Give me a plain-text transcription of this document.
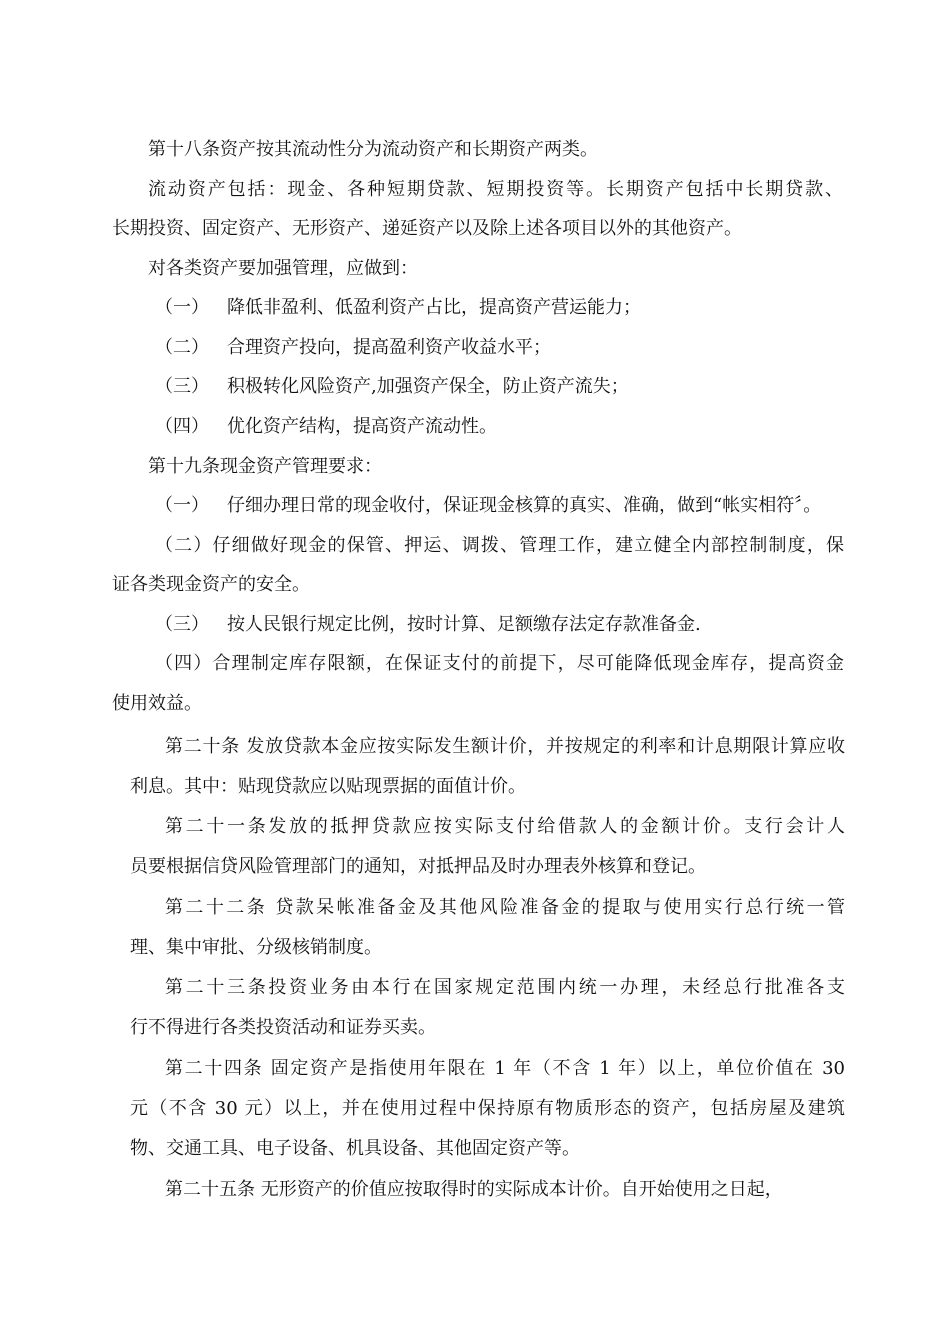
第十八条资产按其流动性分为流动资产和长期资产两类。
流动资产包括：现金、各种短期贷款、短期投资等。长期资产包括中长期贷款、
长期投资、固定资产、无形资产、递延资产以及除上述各项目以外的其他资产。
对各类资产要加强管理，应做到：
（一） 降低非盈利、低盈利资产占比，提高资产营运能力；
（二） 合理资产投向，提高盈利资产收益水平；
（三） 积极转化风险资产,加强资产保全，防止资产流失；
（四） 优化资产结构，提高资产流动性。
第十九条现金资产管理要求：
（一） 仔细办理日常的现金收付，保证现金核算的真实、准确，做到“帐实相符〞。
（二）仔细做好现金的保管、押运、调拨、管理工作，建立健全内部控制制度，保
证各类现金资产的安全。
（三） 按人民银行规定比例，按时计算、足额缴存法定存款准备金.
（四）合理制定库存限额，在保证支付的前提下，尽可能降低现金库存，提高资金
使用效益。
第二十条 发放贷款本金应按实际发生额计价，并按规定的利率和计息期限计算应收
利息。其中：贴现贷款应以贴现票据的面值计价。
第二十一条发放的抵押贷款应按实际支付给借款人的金额计价。支行会计人
员要根据信贷风险管理部门的通知，对抵押品及时办理表外核算和登记。
第二十二条 贷款呆帐准备金及其他风险准备金的提取与使用实行总行统一管
理、集中审批、分级核销制度。
第二十三条投资业务由本行在国家规定范围内统一办理，未经总行批准各支
行不得进行各类投资活动和证券买卖。
第二十四条 固定资产是指使用年限在 1 年（不含 1 年）以上，单位价值在 30
元（不含 30 元）以上，并在使用过程中保持原有物质形态的资产，包括房屋及建筑
物、交通工具、电子设备、机具设备、其他固定资产等。
第二十五条 无形资产的价值应按取得时的实际成本计价。自开始使用之日起，
